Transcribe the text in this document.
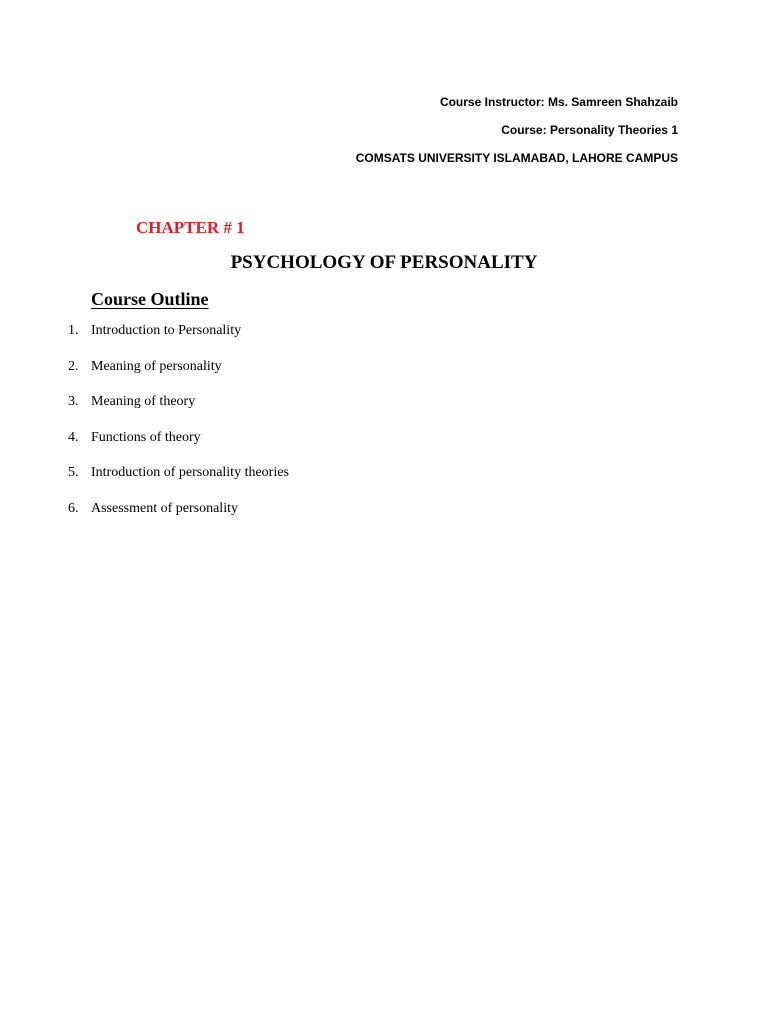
Course Instructor: Ms. Samreen Shahzaib
Course: Personality Theories 1
COMSATS UNIVERSITY ISLAMABAD, LAHORE CAMPUS
CHAPTER # 1
PSYCHOLOGY OF PERSONALITY
Course Outline
1. Introduction to Personality
2. Meaning of personality
3. Meaning of theory
4. Functions of theory
5. Introduction of personality theories
6. Assessment of personality
